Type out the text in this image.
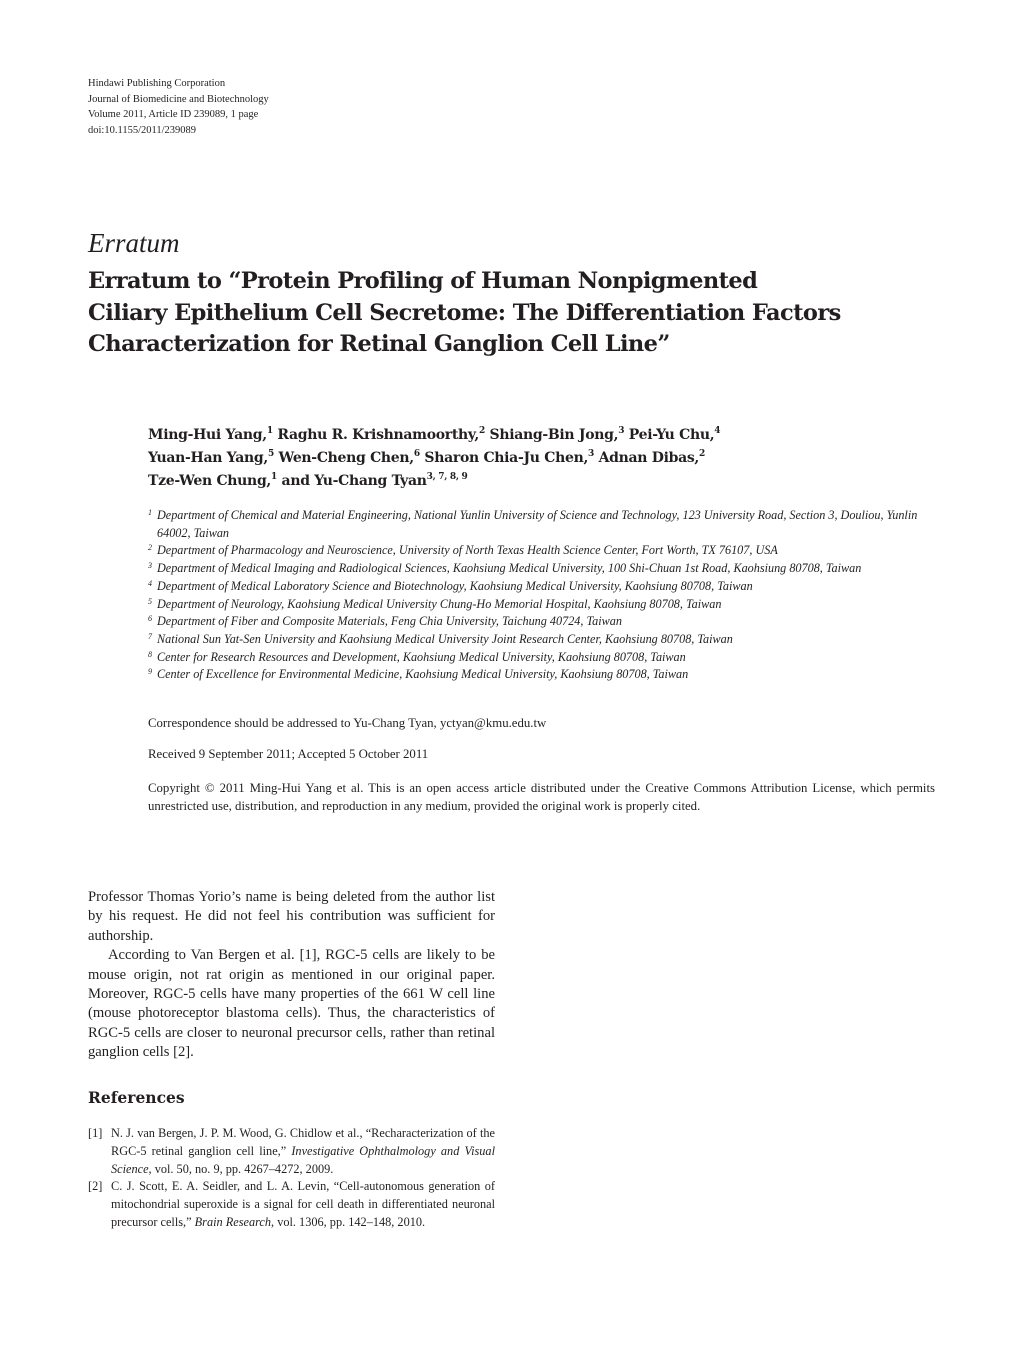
Hindawi Publishing Corporation
Journal of Biomedicine and Biotechnology
Volume 2011, Article ID 239089, 1 page
doi:10.1155/2011/239089
Erratum
Erratum to “Protein Profiling of Human Nonpigmented
Ciliary Epithelium Cell Secretome: The Differentiation Factors
Characterization for Retinal Ganglion Cell Line”
Ming-Hui Yang,$^1$ Raghu R. Krishnamoorthy,$^2$ Shiang-Bin Jong,$^3$ Pei-Yu Chu,$^4$
Yuan-Han Yang,$^5$ Wen-Cheng Chen,$^6$ Sharon Chia-Ju Chen,$^3$ Adnan Dibas,$^2$
Tze-Wen Chung,$^1$ and Yu-Chang Tyan$^{3, 7, 8, 9}$
1 Department of Chemical and Material Engineering, National Yunlin University of Science and Technology, 123 University Road, Section 3, Douliou, Yunlin 64002, Taiwan
2 Department of Pharmacology and Neuroscience, University of North Texas Health Science Center, Fort Worth, TX 76107, USA
3 Department of Medical Imaging and Radiological Sciences, Kaohsiung Medical University, 100 Shi-Chuan 1st Road, Kaohsiung 80708, Taiwan
4 Department of Medical Laboratory Science and Biotechnology, Kaohsiung Medical University, Kaohsiung 80708, Taiwan
5 Department of Neurology, Kaohsiung Medical University Chung-Ho Memorial Hospital, Kaohsiung 80708, Taiwan
6 Department of Fiber and Composite Materials, Feng Chia University, Taichung 40724, Taiwan
7 National Sun Yat-Sen University and Kaohsiung Medical University Joint Research Center, Kaohsiung 80708, Taiwan
8 Center for Research Resources and Development, Kaohsiung Medical University, Kaohsiung 80708, Taiwan
9 Center of Excellence for Environmental Medicine, Kaohsiung Medical University, Kaohsiung 80708, Taiwan
Correspondence should be addressed to Yu-Chang Tyan, yctyan@kmu.edu.tw
Received 9 September 2011; Accepted 5 October 2011
Copyright © 2011 Ming-Hui Yang et al. This is an open access article distributed under the Creative Commons Attribution License, which permits unrestricted use, distribution, and reproduction in any medium, provided the original work is properly cited.

Professor Thomas Yorio’s name is being deleted from the author list by his request. He did not feel his contribution was sufficient for authorship.

According to Van Bergen et al. [1], RGC-5 cells are likely to be mouse origin, not rat origin as mentioned in our original paper. Moreover, RGC-5 cells have many properties of the 661 W cell line (mouse photoreceptor blastoma cells). Thus, the characteristics of RGC-5 cells are closer to neuronal precursor cells, rather than retinal ganglion cells [2].

References
[1] N. J. van Bergen, J. P. M. Wood, G. Chidlow et al., “Recharacterization of the RGC-5 retinal ganglion cell line,” Investigative Ophthalmology and Visual Science, vol. 50, no. 9, pp. 4267–4272, 2009.
[2] C. J. Scott, E. A. Seidler, and L. A. Levin, “Cell-autonomous generation of mitochondrial superoxide is a signal for cell death in differentiated neuronal precursor cells,” Brain Research, vol. 1306, pp. 142–148, 2010.
